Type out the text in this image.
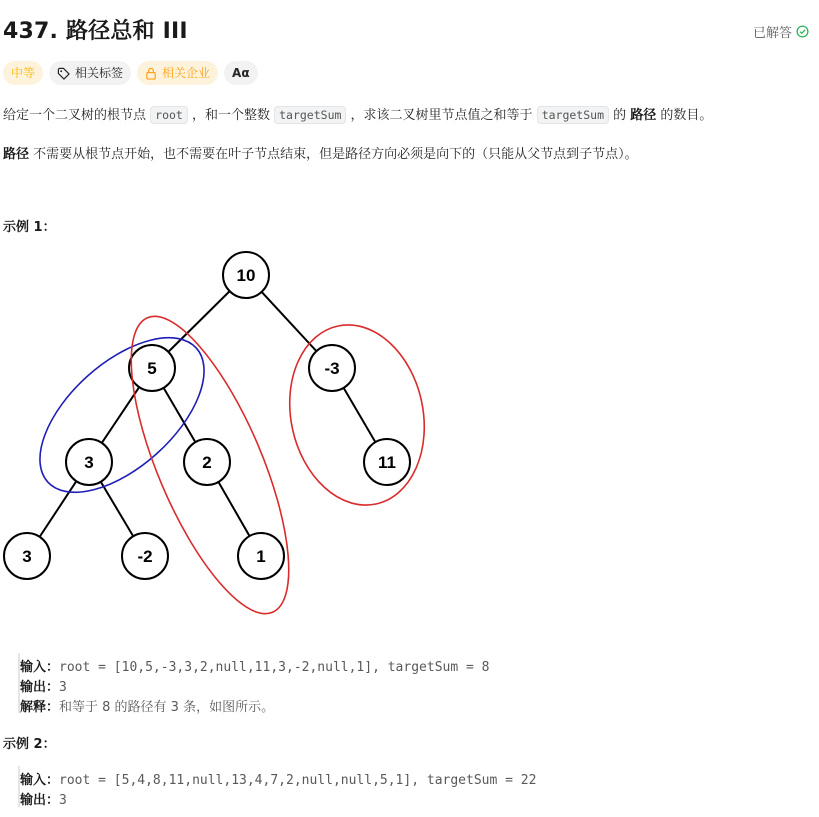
437. 路径总和 III	已解答
中等	相关标签	相关企业 Aα
给定一个二叉树的根节点 root ，和一个整数 targetSum ，求该二叉树里节点值之和等于 targetSum 的 路径 的数目。
路径 不需要从根节点开始，也不需要在叶子节点结束，但是路径方向必须是向下的（只能从父节点到子节点）。
示例 1：
10
5	-3
3	2	11
3	-2	1
输入：root = [10,5,-3,3,2,null,11,3,-2,null,1], targetSum = 8
输出：3
解释：和等于 8 的路径有 3 条，如图所示。
示例 2：
输入：root = [5,4,8,11,null,13,4,7,2,null,null,5,1], targetSum = 22
输出：3
